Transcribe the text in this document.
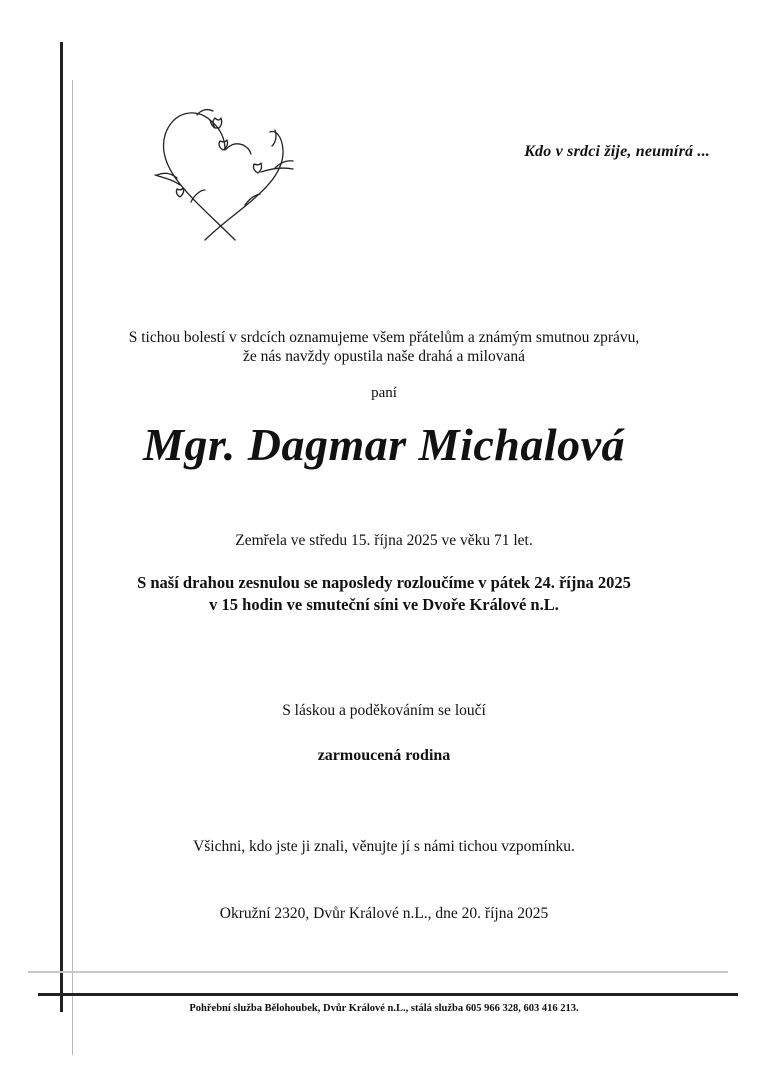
Kdo v srdci žije, neumírá ...

S tichou bolestí v srdcích oznamujeme všem přátelům a známým smutnou zprávu,

že nás navždy opustila naše drahá a milovaná

paní

Mgr. Dagmar Michalová

Zemřela ve středu 15. října 2025 ve věku 71 let.

S naší drahou zesnulou se naposledy rozloučíme v pátek 24. října 2025

v 15 hodin ve smuteční síni ve Dvoře Králové n.L.

S láskou a poděkováním se loučí

zarmoucená rodina

Všichni, kdo jste ji znali, věnujte jí s námi tichou vzpomínku.

Okružní 2320, Dvůr Králové n.L., dne 20. října 2025

Pohřební služba Bělohoubek, Dvůr Králové n.L., stálá služba 605 966 328, 603 416 213.
